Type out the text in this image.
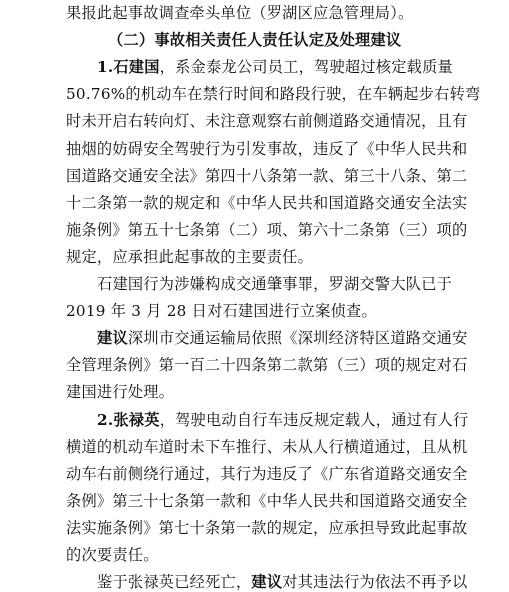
果报此起事故调查牵头单位（罗湖区应急管理局）。
（二）事故相关责任人责任认定及处理建议
1.石建国，系金泰龙公司员工，驾驶超过核定载质量
50.76%的机动车在禁行时间和路段行驶，在车辆起步右转弯
时未开启右转向灯、未注意观察右前侧道路交通情况，且有
抽烟的妨碍安全驾驶行为引发事故，违反了《中华人民共和
国道路交通安全法》第四十八条第一款、第三十八条、第二
十二条第一款的规定和《中华人民共和国道路交通安全法实
施条例》第五十七条第（二）项、第六十二条第（三）项的
规定，应承担此起事故的主要责任。
石建国行为涉嫌构成交通肇事罪，罗湖交警大队已于
2019 年 3 月 28 日对石建国进行立案侦查。
建议深圳市交通运输局依照《深圳经济特区道路交通安
全管理条例》第一百二十四条第二款第（三）项的规定对石
建国进行处理。
2.张禄英，驾驶电动自行车违反规定载人，通过有人行
横道的机动车道时未下车推行、未从人行横道通过，且从机
动车右前侧绕行通过，其行为违反了《广东省道路交通安全
条例》第三十七条第一款和《中华人民共和国道路交通安全
法实施条例》第七十条第一款的规定，应承担导致此起事故
的次要责任。
鉴于张禄英已经死亡，建议对其违法行为依法不再予以
